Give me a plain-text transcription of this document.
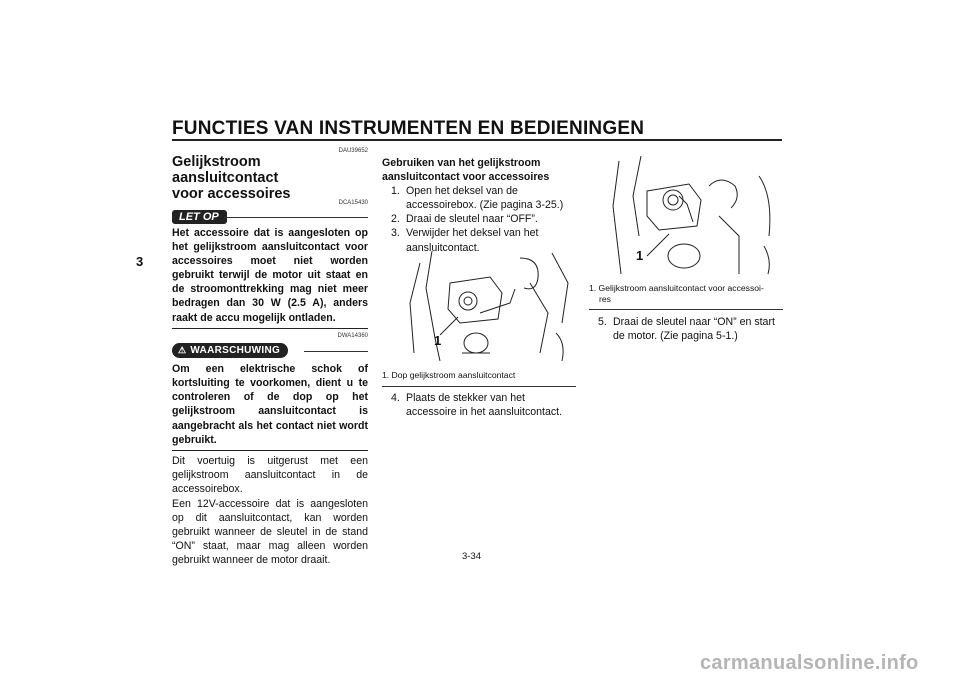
FUNCTIES VAN INSTRUMENTEN EN BEDIENINGEN
3
DAU39652
Gelijkstroom aansluitcontact
voor accessoires
DCA15430
LET OP
Het accessoire dat is aangesloten op het gelijkstroom aansluitcontact voor accessoires moet niet worden gebruikt terwijl de motor uit staat en de stroomonttrekking mag niet meer bedragen dan 30 W (2.5 A), anders raakt de accu mogelijk ontladen.
DWA14360
⚠ WAARSCHUWING
Om een elektrische schok of kortsluiting te voorkomen, dient u te controleren of de dop op het gelijkstroom aansluitcontact is aangebracht als het contact niet wordt gebruikt.
Dit voertuig is uitgerust met een gelijkstroom aansluitcontact in de accessoirebox.
Een 12V-accessoire dat is aangesloten op dit aansluitcontact, kan worden gebruikt wanneer de sleutel in de stand “ON” staat, maar mag alleen worden gebruikt wanneer de motor draait.
Gebruiken van het gelijkstroom aansluitcontact voor accessoires
1. Open het deksel van de accessoirebox. (Zie pagina 3-25.)
2. Draai de sleutel naar “OFF”.
3. Verwijder het deksel van het aansluitcontact.
1
1. Dop gelijkstroom aansluitcontact
4. Plaats de stekker van het accessoire in het aansluitcontact.
1
1. Gelijkstroom aansluitcontact voor accessoi-
res
5. Draai de sleutel naar “ON” en start de motor. (Zie pagina 5-1.)
3-34
carmanualsonline.info
